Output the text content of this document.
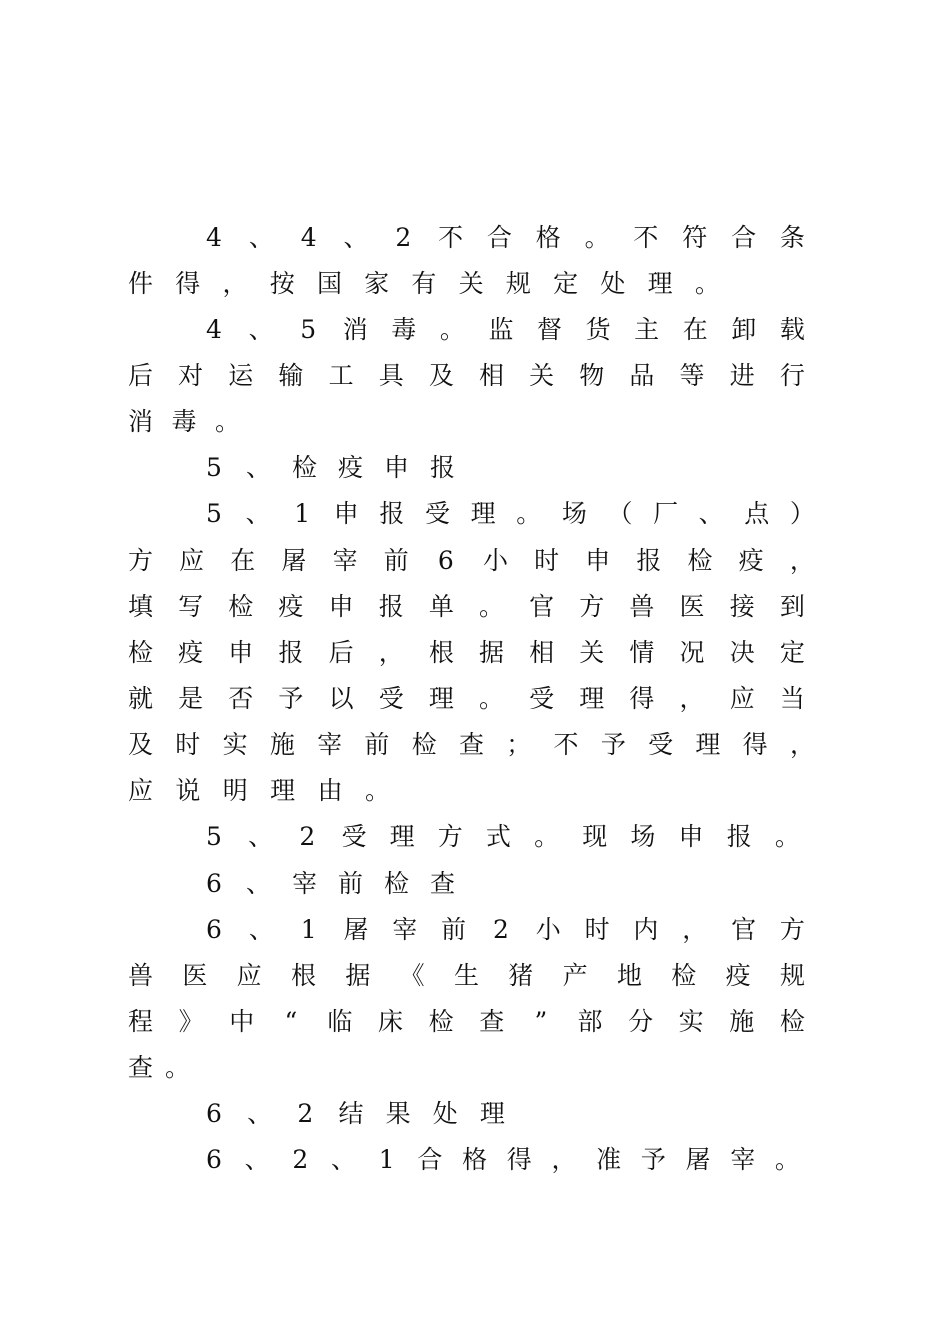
4 、 4 、 2 不 合 格 。 不 符 合 条
件 得 ， 按 国 家 有 关 规 定 处 理 。
4 、 5 消 毒 。 监 督 货 主 在 卸 载
后 对 运 输 工 具 及 相 关 物 品 等 进 行
消 毒 。
5 、 检 疫 申 报
5 、 1 申 报 受 理 。 场 （ 厂 、 点 ）
方 应 在 屠 宰 前 6 小 时 申 报 检 疫 ，
填 写 检 疫 申 报 单 。 官 方 兽 医 接 到
检 疫 申 报 后 ， 根 据 相 关 情 况 决 定
就 是 否 予 以 受 理 。 受 理 得 ， 应 当
及 时 实 施 宰 前 检 查 ； 不 予 受 理 得 ，
应 说 明 理 由 。
5 、 2 受 理 方 式 。 现 场 申 报 。
6 、 宰 前 检 查
6 、 1 屠 宰 前 2 小 时 内 ， 官 方
兽 医 应 根 据 《 生 猪 产 地 检 疫 规
程 》 中 “ 临 床 检 查 ” 部 分 实 施 检
查 。
6 、 2 结 果 处 理
6 、 2 、 1 合 格 得 ， 准 予 屠 宰 。
